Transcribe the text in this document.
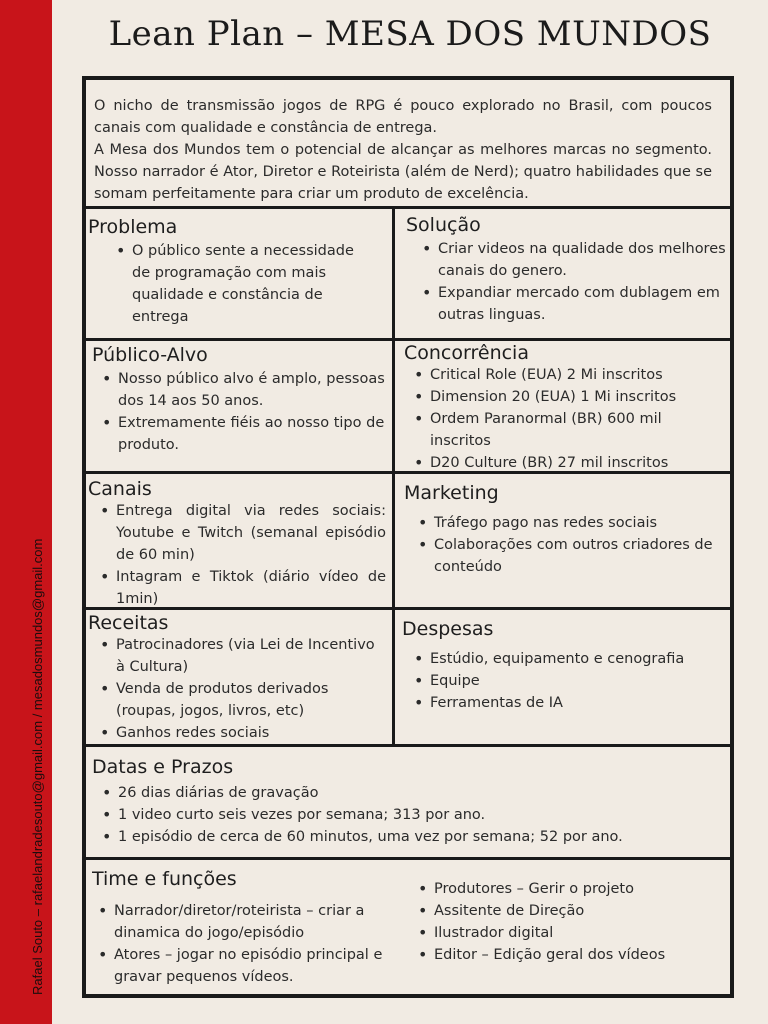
Rafael Souto – rafaelandradesouto@gmail.com / mesadosmundos@gmail.com
Lean Plan – MESA DOS MUNDOS

O nicho de transmissão jogos de RPG é pouco explorado no Brasil, com poucos canais com qualidade e constância de entrega.

A Mesa dos Mundos tem o potencial de alcançar as melhores marcas no segmento. Nosso narrador é Ator, Diretor e Roteirista (além de Nerd); quatro habilidades que se somam perfeitamente para criar um produto de excelência.

Problema
• O público sente a necessidade de programação com mais qualidade e constância de entrega
Solução
• Criar videos na qualidade dos melhores canais do genero.
• Expandiar mercado com dublagem em outras linguas.
Público-Alvo
• Nosso público alvo é amplo, pessoas dos 14 aos 50 anos.
• Extremamente fiéis ao nosso tipo de produto.
Concorrência
• Critical Role (EUA) 2 Mi inscritos
• Dimension 20 (EUA) 1 Mi inscritos
• Ordem Paranormal (BR) 600 mil inscritos
• D20 Culture (BR) 27 mil inscritos
Canais
• Entrega digital via redes sociais: Youtube e Twitch (semanal episódio de 60 min)
• Intagram e Tiktok (diário vídeo de 1min)
Marketing
• Tráfego pago nas redes sociais
• Colaborações com outros criadores de conteúdo
Receitas
• Patrocinadores (via Lei de Incentivo à Cultura)
• Venda de produtos derivados (roupas, jogos, livros, etc)
• Ganhos redes sociais
Despesas
• Estúdio, equipamento e cenografia
• Equipe
• Ferramentas de IA
Datas e Prazos
• 26 dias diárias de gravação
• 1 video curto seis vezes por semana; 313 por ano.
• 1 episódio de cerca de 60 minutos, uma vez por semana; 52 por ano.
Time e funções
• Narrador/diretor/roteirista – criar a dinamica do jogo/episódio
• Atores – jogar no episódio principal e gravar pequenos vídeos.
• Produtores – Gerir o projeto
• Assitente de Direção
• Ilustrador digital
• Editor – Edição geral dos vídeos
